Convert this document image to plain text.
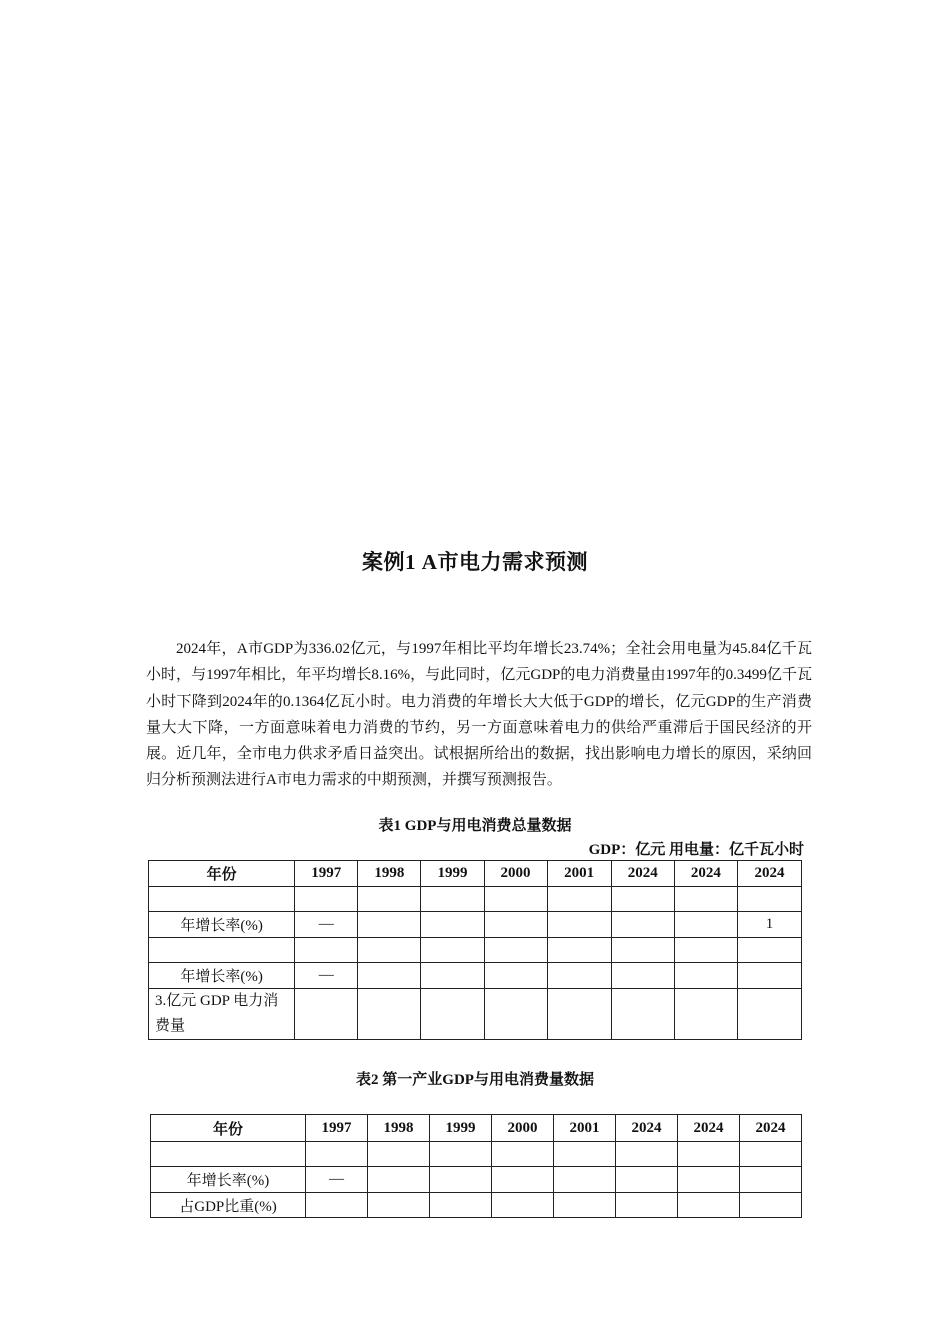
案例1 A市电力需求预测

2024年，A市GDP为336.02亿元，与1997年相比平均年增长23.74%；全社会用电量为45.84亿千瓦小时，与1997年相比，年平均增长8.16%，与此同时，亿元GDP的电力消费量由1997年的0.3499亿千瓦小时下降到2024年的0.1364亿瓦小时。电力消费的年增长大大低于GDP的增长，亿元GDP的生产消费量大大下降，一方面意味着电力消费的节约，另一方面意味着电力的供给严重滞后于国民经济的开展。近几年，全市电力供求矛盾日益突出。试根据所给出的数据，找出影响电力增长的原因，采纳回归分析预测法进行A市电力需求的中期预测，并撰写预测报告。

表1 GDP与用电消费总量数据
GDP：亿元 用电量：亿千瓦小时
年份	1997	1998	1999	2000	2001	2024	2024	2024

年增长率(%)	—							1

年增长率(%)	—							
3.亿元 GDP 电力消费量								
表2 第一产业GDP与用电消费量数据
年份	1997	1998	1999	2000	2001	2024	2024	2024

年增长率(%)	—							
占GDP比重(%)								
